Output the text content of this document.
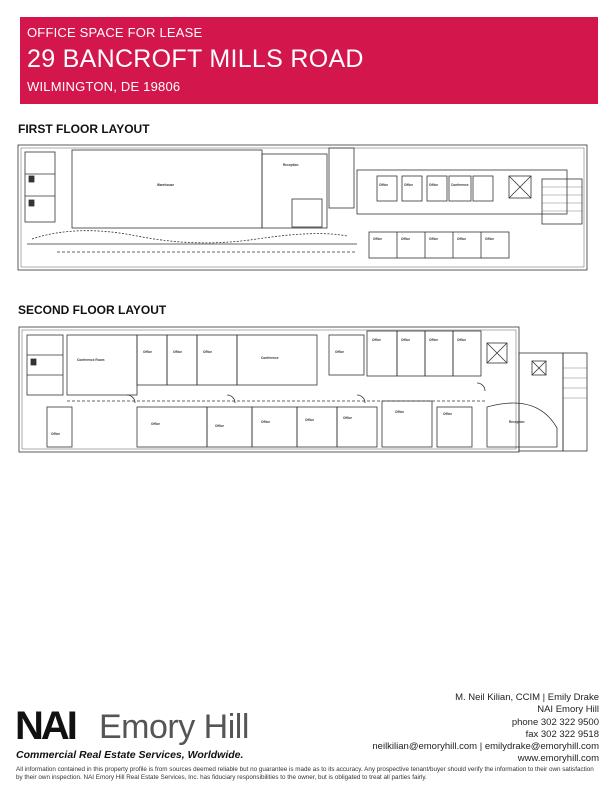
OFFICE SPACE FOR LEASE
29 BANCROFT MILLS ROAD
WILMINGTON, DE 19806
FIRST FLOOR LAYOUT
Warehouse
Reception
Office	Office	Office	Conference
Office	Office	Office	Office	Office
SECOND FLOOR LAYOUT
Conference Room
Office	Office	Office
Conference
Office
Office	Office	Office	Office
Office	Office
Office	Office	Office
Office	Office
Office
Reception
NAI Emory Hill
Commercial Real Estate Services, Worldwide.
M. Neil Kilian, CCIM | Emily Drake
NAI Emory Hill
phone 302 322 9500
fax 302 322 9518
neilkilian@emoryhill.com | emilydrake@emoryhill.com
www.emoryhill.com
All information contained in this property profile is from sources deemed reliable but no guarantee is made as to its accuracy. Any prospective tenant/buyer should verify the information to their own satisfaction by their own inspection. NAI Emory Hill Real Estate Services, Inc. has fiduciary responsibilities to the owner, but is obligated to treat all parties fairly.
